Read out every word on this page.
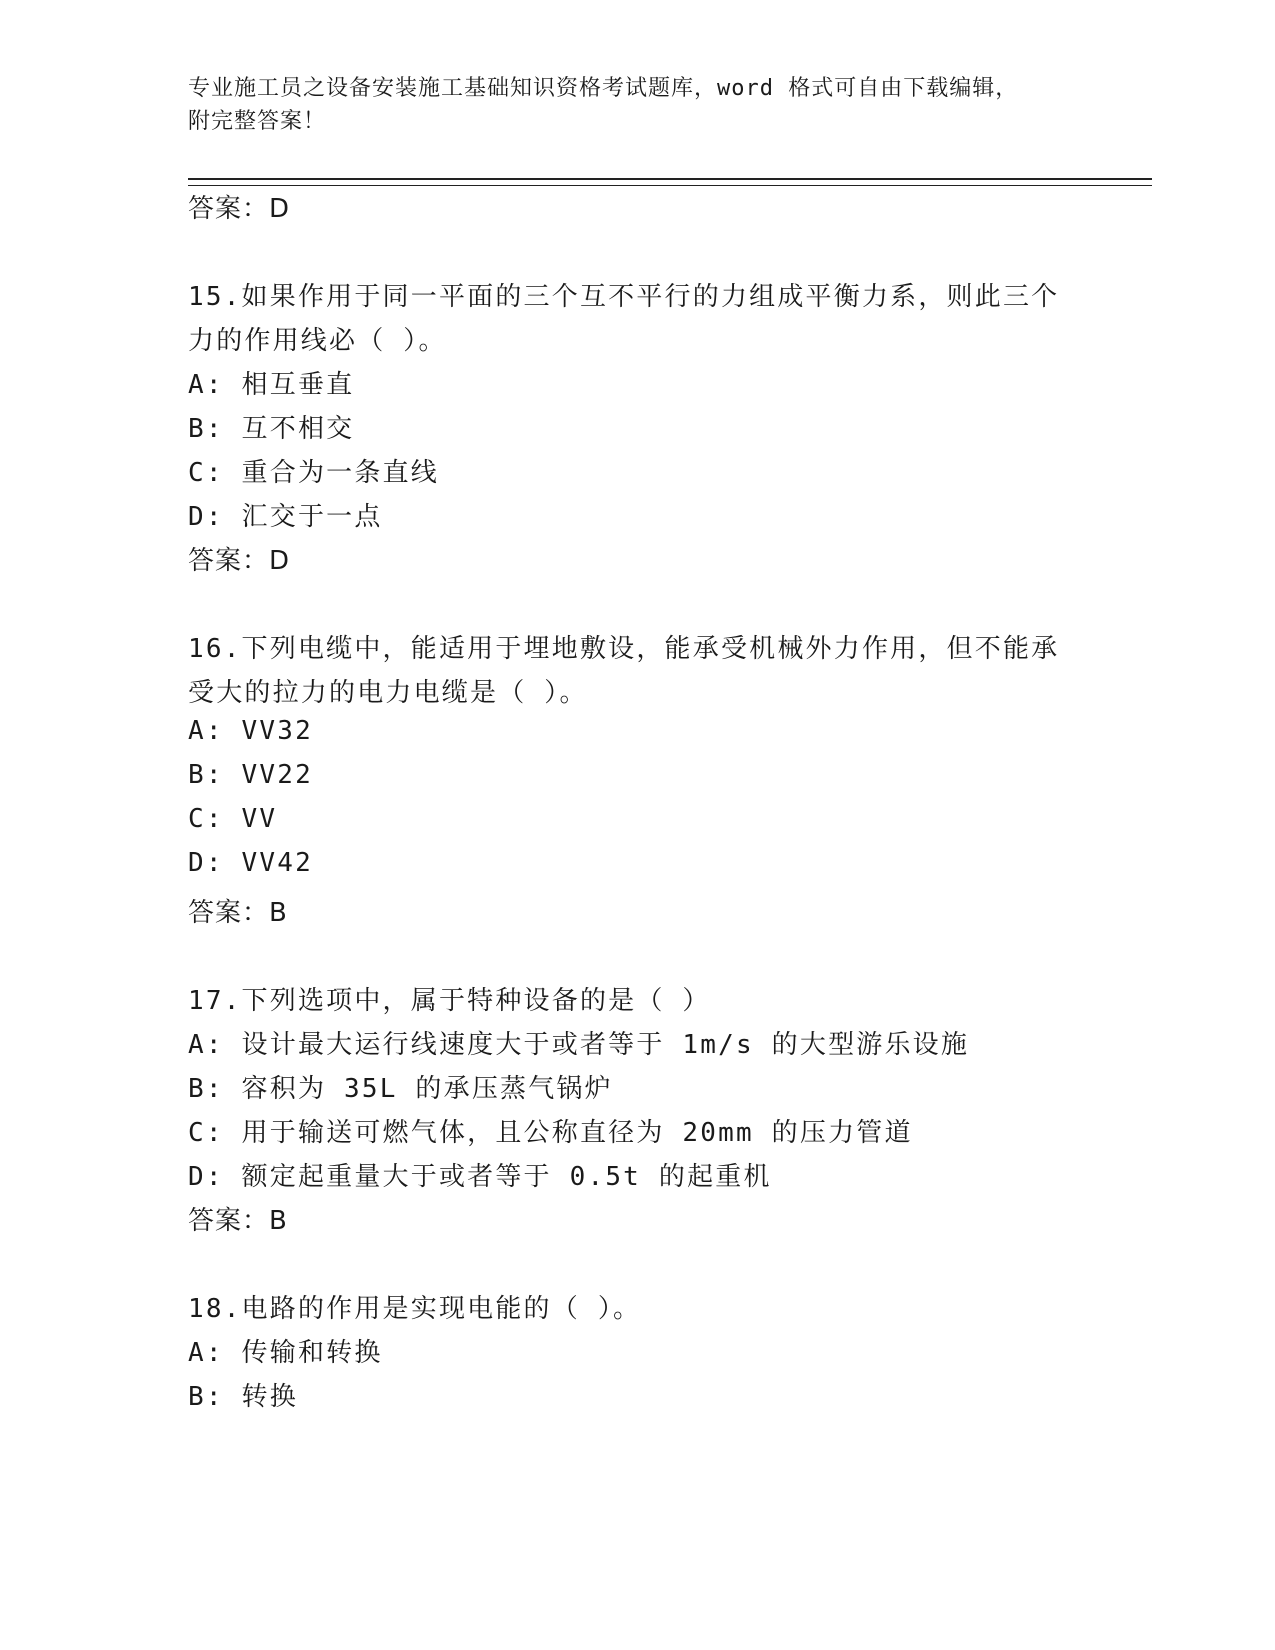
专业施工员之设备安装施工基础知识资格考试题库，word 格式可自由下载编辑，
附完整答案！
答案：D
15.如果作用于同一平面的三个互不平行的力组成平衡力系，则此三个
力的作用线必（ ）。
A: 相互垂直
B: 互不相交
C: 重合为一条直线
D: 汇交于一点
答案：D
16.下列电缆中，能适用于埋地敷设，能承受机械外力作用，但不能承
受大的拉力的电力电缆是（ ）。
A: VV32
B: VV22
C: VV
D: VV42
答案：B
17.下列选项中，属于特种设备的是（ ）
A: 设计最大运行线速度大于或者等于 1m/s 的大型游乐设施
B: 容积为 35L 的承压蒸气锅炉
C: 用于输送可燃气体，且公称直径为 20mm 的压力管道
D: 额定起重量大于或者等于 0.5t 的起重机
答案：B
18.电路的作用是实现电能的（ ）。
A: 传输和转换
B: 转换
